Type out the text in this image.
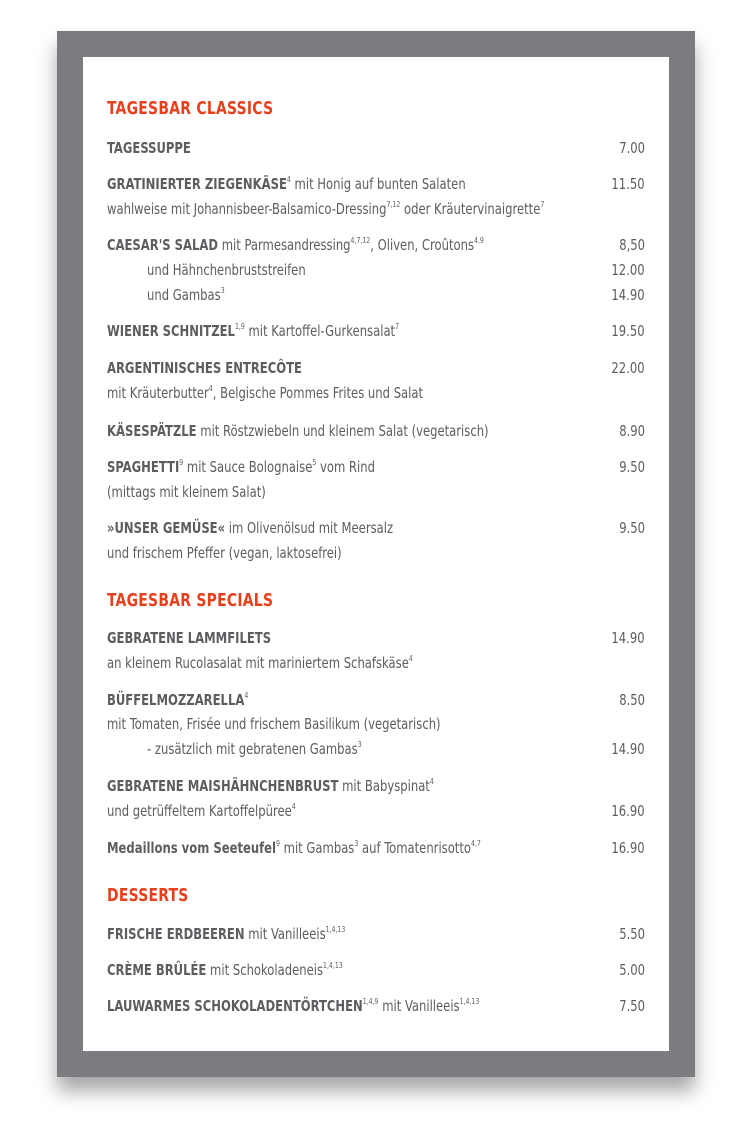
TAGESBAR CLASSICS
TAGESSUPPE	7.00
GRATINIERTER ZIEGENKÄSE$^4$ mit Honig auf bunten Salaten	11.50
wahlweise mit Johannisbeer-Balsamico-Dressing$^{7,12}$ oder Kräutervinaigrette$^7$
CAESAR'S SALAD mit Parmesandressing$^{4,7,12}$, Oliven, Croûtons$^{4,9}$	8,50
und Hähnchenbruststreifen	12.00
und Gambas$^3$	14.90
WIENER SCHNITZEL$^{1,9}$ mit Kartoffel-Gurkensalat$^7$	19.50
ARGENTINISCHES ENTRECÔTE	22.00
mit Kräuterbutter$^4$, Belgische Pommes Frites und Salat
KÄSESPÄTZLE mit Röstzwiebeln und kleinem Salat (vegetarisch)	8.90
SPAGHETTI$^9$ mit Sauce Bolognaise$^5$ vom Rind	9.50
(mittags mit kleinem Salat)
»UNSER GEMÜSE« im Olivenölsud mit Meersalz	9.50
und frischem Pfeffer (vegan, laktosefrei)
TAGESBAR SPECIALS
GEBRATENE LAMMFILETS	14.90
an kleinem Rucolasalat mit mariniertem Schafskäse$^4$
BÜFFELMOZZARELLA$^4$	8.50
mit Tomaten, Frisée und frischem Basilikum (vegetarisch)
- zusätzlich mit gebratenen Gambas$^3$	14.90
GEBRATENE MAISHÄHNCHENBRUST mit Babyspinat$^4$
und getrüffeltem Kartoffelpüree$^4$	16.90
Medaillons vom Seeteufel$^9$ mit Gambas$^3$ auf Tomatenrisotto$^{4,7}$	16.90
DESSERTS
FRISCHE ERDBEEREN mit Vanilleeis$^{1,4,13}$	5.50
CRÈME BRÛLÉE mit Schokoladeneis$^{1,4,13}$	5.00
LAUWARMES SCHOKOLADENTÖRTCHEN$^{1,4,9}$ mit Vanilleeis$^{1,4,13}$	7.50
